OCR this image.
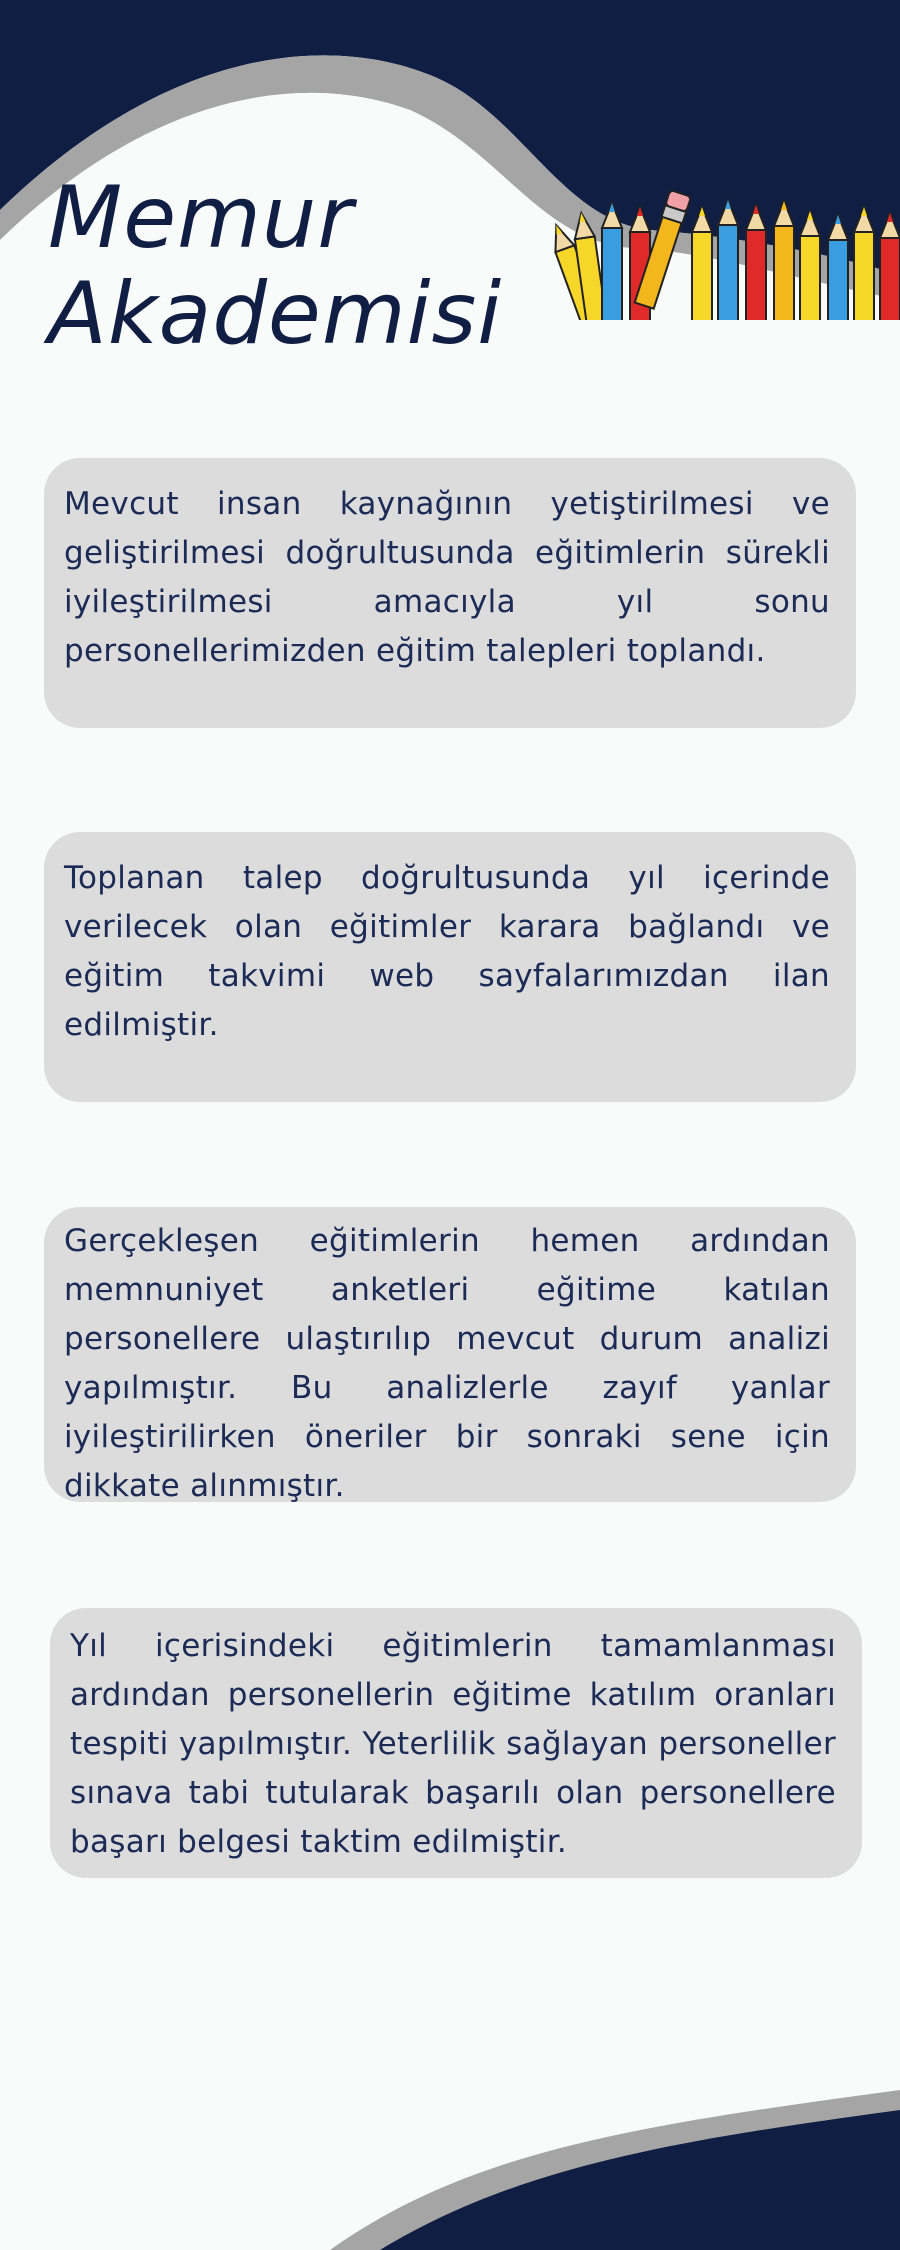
Memur
Akademisi

Mevcut insan kaynağının yetiştirilmesi ve geliştirilmesi doğrultusunda eğitimlerin sürekli iyileştirilmesi amacıyla yıl sonu personellerimizden eğitim talepleri toplandı.

Toplanan talep doğrultusunda yıl içerinde verilecek olan eğitimler karara bağlandı ve eğitim takvimi web sayfalarımızdan ilan edilmiştir.

Gerçekleşen eğitimlerin hemen ardından memnuniyet anketleri eğitime katılan personellere ulaştırılıp mevcut durum analizi yapılmıştır. Bu analizlerle zayıf yanlar iyileştirilirken öneriler bir sonraki sene için dikkate alınmıştır.

Yıl içerisindeki eğitimlerin tamamlanması ardından personellerin eğitime katılım oranları tespiti yapılmıştır. Yeterlilik sağlayan personeller sınava tabi tutularak başarılı olan personellere başarı belgesi taktim edilmiştir.
